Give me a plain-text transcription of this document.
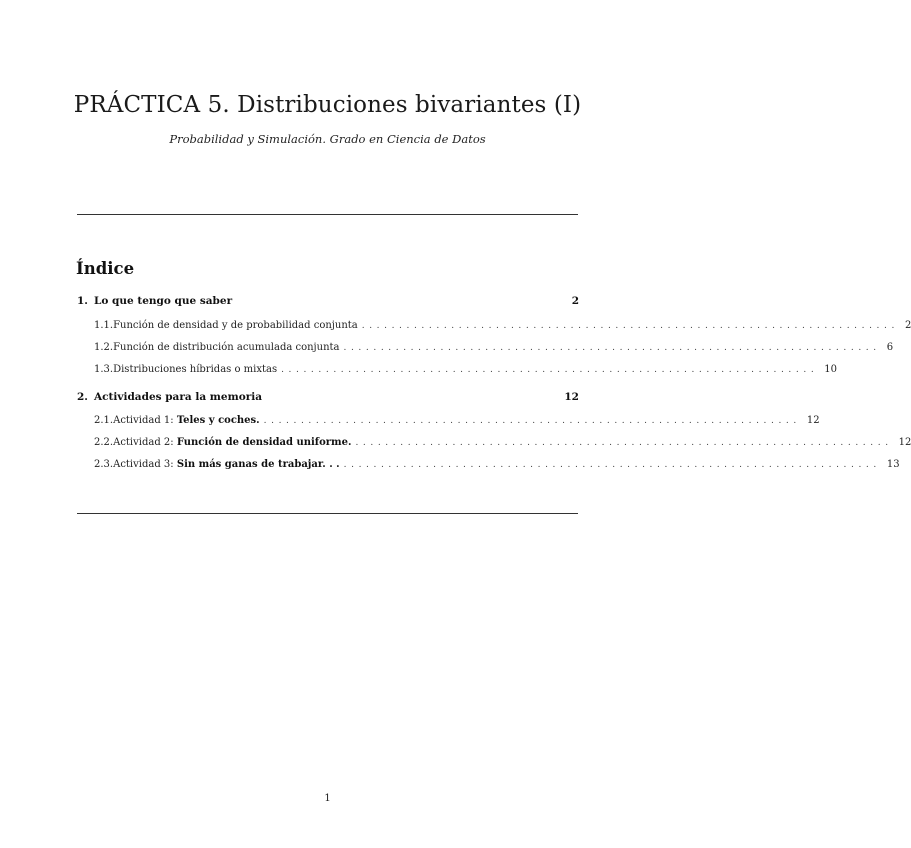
PRÁCTICA 5. Distribuciones bivariantes (I)
Probabilidad y Simulación. Grado en Ciencia de Datos
Índice
1. Lo que tengo que saber	2
1.1. Función de densidad y de probabilidad conjunta ........................................................................ 2
1.2. Función de distribución acumulada conjunta ........................................................................ 6
1.3. Distribuciones híbridas o mixtas ........................................................................ 10
2. Actividades para la memoria	12
2.1. Actividad 1: Teles y coches. ........................................................................ 12
2.2. Actividad 2: Función de densidad uniforme. ........................................................................ 12
2.3. Actividad 3: Sin más ganas de trabajar. . . ........................................................................ 13
1
